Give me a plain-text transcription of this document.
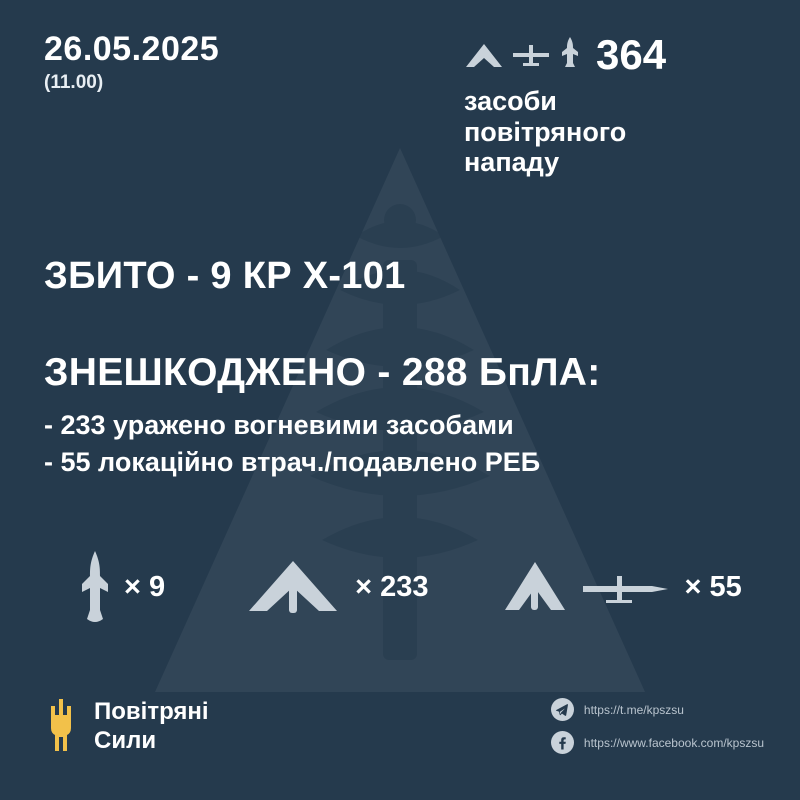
26.05.2025
(11.00)
364
засоби
повітряного
нападу
ЗБИТО - 9 КР Х-101
ЗНЕШКОДЖЕНО - 288 БпЛА:
- 233 уражено вогневими засобами
- 55 локаційно втрач./подавлено РЕБ
× 9	× 233	× 55
Повітряні
Сили
https://t.me/kpszsu
https://www.facebook.com/kpszsu
